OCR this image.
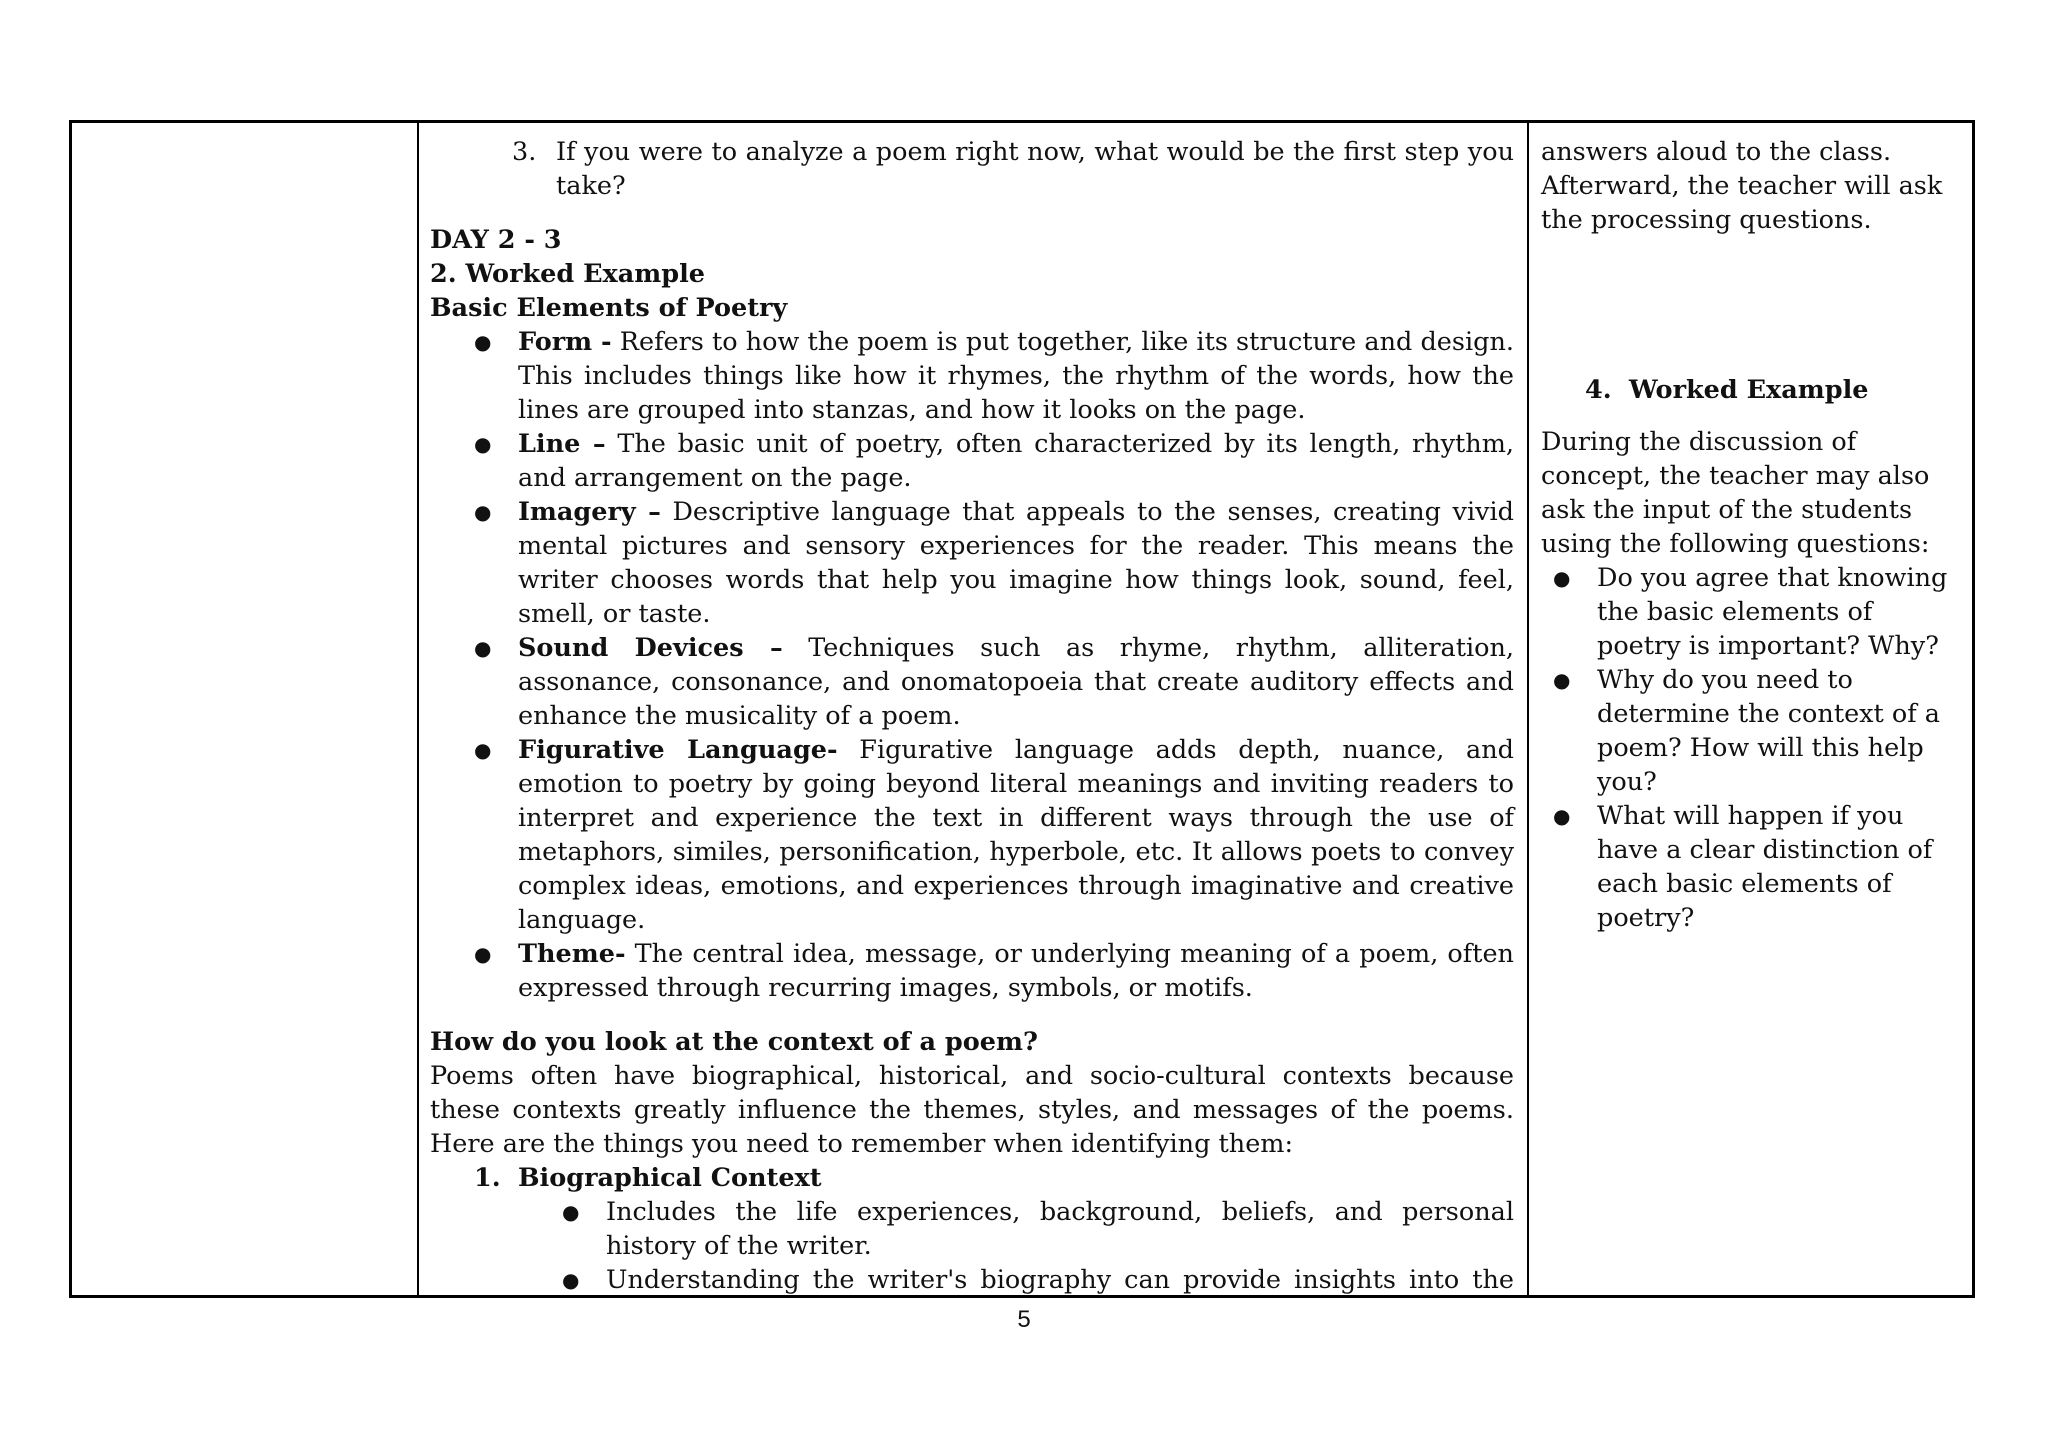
3. If you were to analyze a poem right now, what would be the first step you take?
DAY 2 - 3
2. Worked Example
Basic Elements of Poetry
●	Form - Refers to how the poem is put together, like its structure and design. This includes things like how it rhymes, the rhythm of the words, how the lines are grouped into stanzas, and how it looks on the page.
●	Line – The basic unit of poetry, often characterized by its length, rhythm, and arrangement on the page.
●	Imagery – Descriptive language that appeals to the senses, creating vivid mental pictures and sensory experiences for the reader. This means the writer chooses words that help you imagine how things look, sound, feel, smell, or taste.
●	Sound Devices – Techniques such as rhyme, rhythm, alliteration, assonance, consonance, and onomatopoeia that create auditory effects and enhance the musicality of a poem.
●	Figurative Language- Figurative language adds depth, nuance, and emotion to poetry by going beyond literal meanings and inviting readers to interpret and experience the text in different ways through the use of metaphors, similes, personification, hyperbole, etc. It allows poets to convey complex ideas, emotions, and experiences through imaginative and creative language.
●	Theme- The central idea, message, or underlying meaning of a poem, often expressed through recurring images, symbols, or motifs.
How do you look at the context of a poem?
Poems often have biographical, historical, and socio-cultural contexts because these contexts greatly influence the themes, styles, and messages of the poems. Here are the things you need to remember when identifying them:
1. Biographical Context
●	Includes the life experiences, background, beliefs, and personal history of the writer.
●	Understanding the writer's biography can provide insights into the
answers aloud to the class. Afterward, the teacher will ask the processing questions.
4. Worked Example
During the discussion of concept, the teacher may also ask the input of the students using the following questions:
●	Do you agree that knowing the basic elements of poetry is important? Why?
●	Why do you need to determine the context of a poem? How will this help you?
●	What will happen if you have a clear distinction of each basic elements of poetry?
5
